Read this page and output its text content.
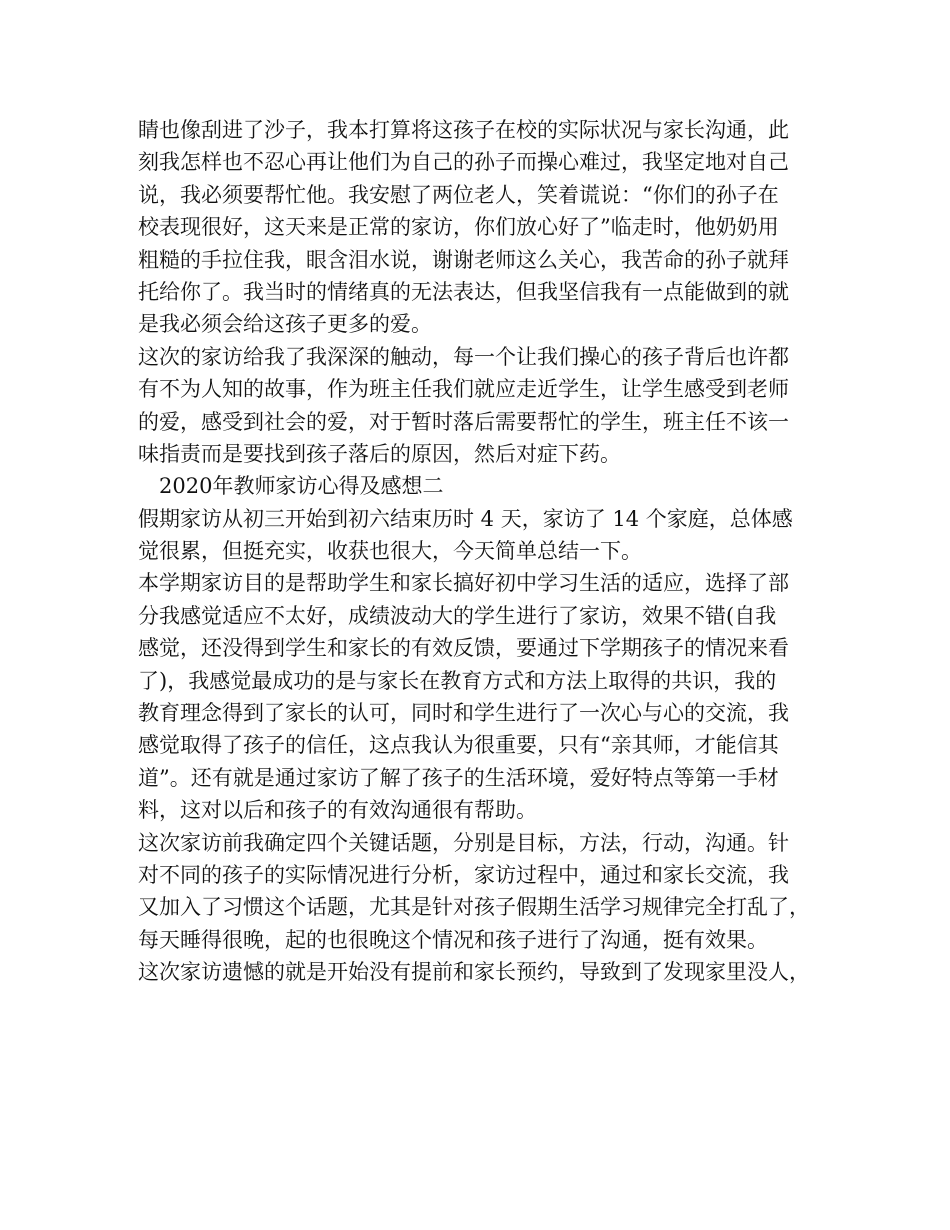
睛也像刮进了沙子，我本打算将这孩子在校的实际状况与家长沟通，此
刻我怎样也不忍心再让他们为自己的孙子而操心难过，我坚定地对自己
说，我必须要帮忙他。我安慰了两位老人，笑着谎说：“你们的孙子在
校表现很好，这天来是正常的家访，你们放心好了”临走时，他奶奶用
粗糙的手拉住我，眼含泪水说，谢谢老师这么关心，我苦命的孙子就拜
托给你了。我当时的情绪真的无法表达，但我坚信我有一点能做到的就
是我必须会给这孩子更多的爱。
这次的家访给我了我深深的触动，每一个让我们操心的孩子背后也许都
有不为人知的故事，作为班主任我们就应走近学生，让学生感受到老师
的爱，感受到社会的爱，对于暂时落后需要帮忙的学生，班主任不该一
味指责而是要找到孩子落后的原因，然后对症下药。
2020年教师家访心得及感想二
假期家访从初三开始到初六结束历时 4 天，家访了 14 个家庭，总体感
觉很累，但挺充实，收获也很大，今天简单总结一下。
本学期家访目的是帮助学生和家长搞好初中学习生活的适应，选择了部
分我感觉适应不太好，成绩波动大的学生进行了家访，效果不错(自我
感觉，还没得到学生和家长的有效反馈，要通过下学期孩子的情况来看
了)，我感觉最成功的是与家长在教育方式和方法上取得的共识，我的
教育理念得到了家长的认可，同时和学生进行了一次心与心的交流，我
感觉取得了孩子的信任，这点我认为很重要，只有“亲其师，才能信其
道”。还有就是通过家访了解了孩子的生活环境，爱好特点等第一手材
料，这对以后和孩子的有效沟通很有帮助。
这次家访前我确定四个关键话题，分别是目标，方法，行动，沟通。针
对不同的孩子的实际情况进行分析，家访过程中，通过和家长交流，我
又加入了习惯这个话题，尤其是针对孩子假期生活学习规律完全打乱了，
每天睡得很晚，起的也很晚这个情况和孩子进行了沟通，挺有效果。
这次家访遗憾的就是开始没有提前和家长预约，导致到了发现家里没人，
